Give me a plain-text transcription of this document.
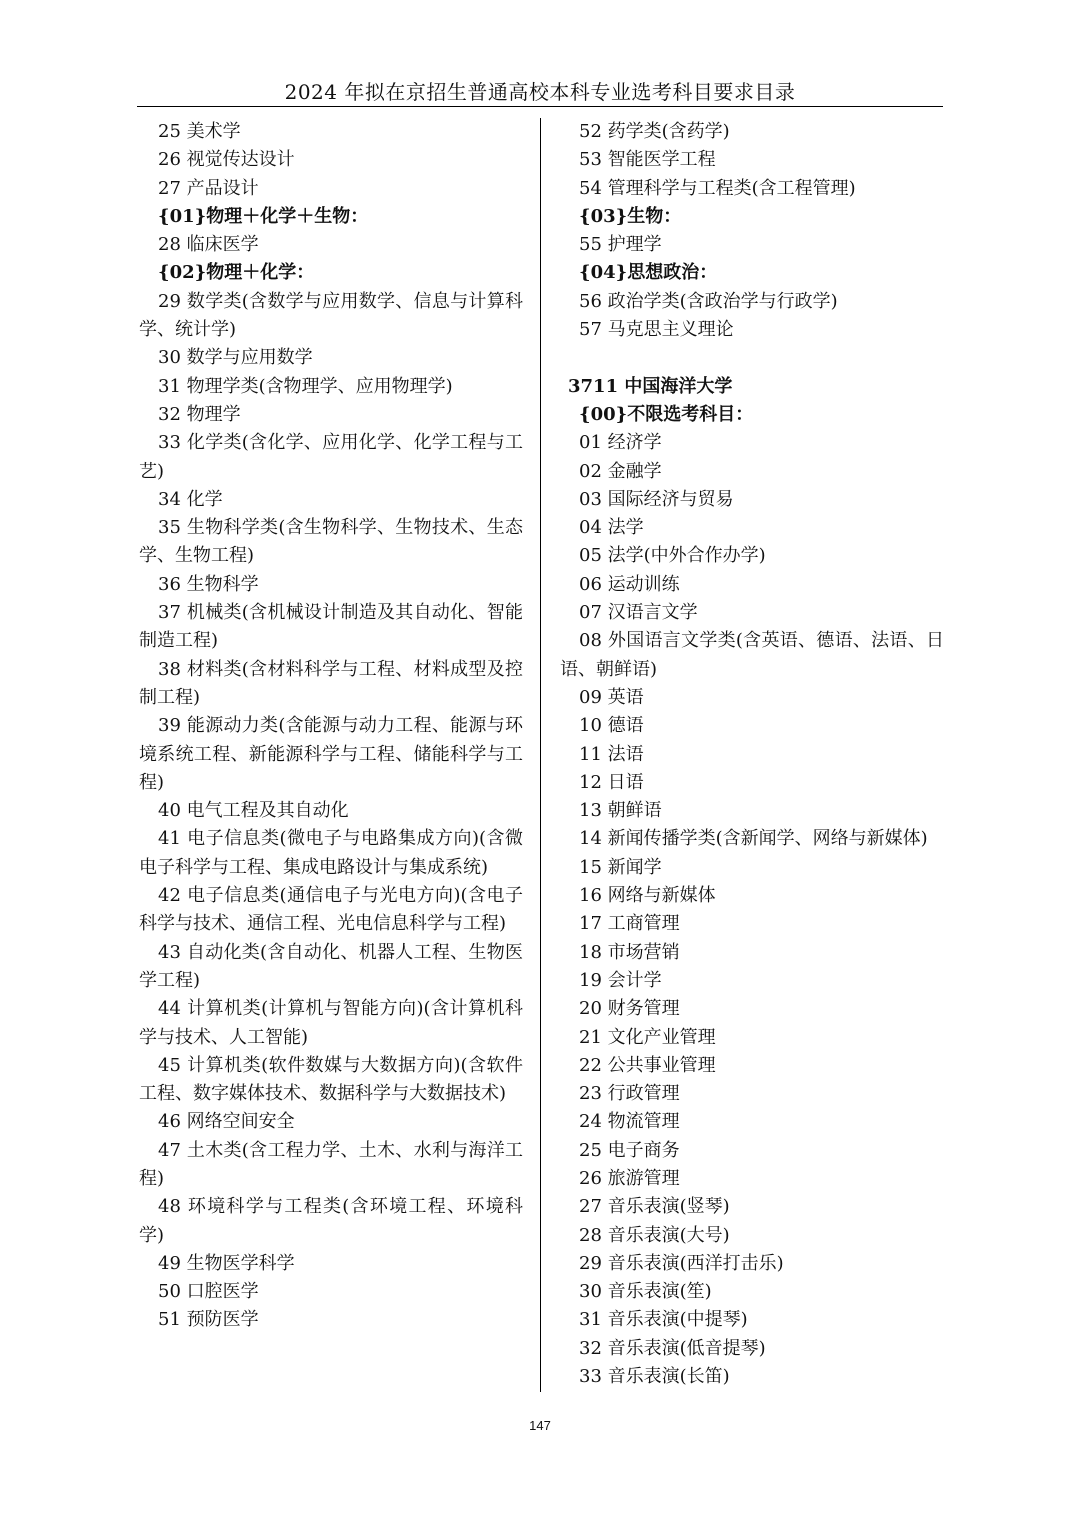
2024 年拟在京招生普通高校本科专业选考科目要求目录
25 美术学
26 视觉传达设计
27 产品设计
{01}物理＋化学＋生物：
28 临床医学
{02}物理＋化学：
29 数学类(含数学与应用数学、信息与计算科学、统计学)
30 数学与应用数学
31 物理学类(含物理学、应用物理学)
32 物理学
33 化学类(含化学、应用化学、化学工程与工艺)
34 化学
35 生物科学类(含生物科学、生物技术、生态学、生物工程)
36 生物科学
37 机械类(含机械设计制造及其自动化、智能制造工程)
38 材料类(含材料科学与工程、材料成型及控制工程)
39 能源动力类(含能源与动力工程、能源与环境系统工程、新能源科学与工程、储能科学与工程)
40 电气工程及其自动化
41 电子信息类(微电子与电路集成方向)(含微电子科学与工程、集成电路设计与集成系统)
42 电子信息类(通信电子与光电方向)(含电子科学与技术、通信工程、光电信息科学与工程)
43 自动化类(含自动化、机器人工程、生物医学工程)
44 计算机类(计算机与智能方向)(含计算机科学与技术、人工智能)
45 计算机类(软件数媒与大数据方向)(含软件工程、数字媒体技术、数据科学与大数据技术)
46 网络空间安全
47 土木类(含工程力学、土木、水利与海洋工程)
48 环境科学与工程类(含环境工程、环境科学)
49 生物医学科学
50 口腔医学
51 预防医学
52 药学类(含药学)
53 智能医学工程
54 管理科学与工程类(含工程管理)
{03}生物：
55 护理学
{04}思想政治：
56 政治学类(含政治学与行政学)
57 马克思主义理论
3711 中国海洋大学
{00}不限选考科目：
01 经济学
02 金融学
03 国际经济与贸易
04 法学
05 法学(中外合作办学)
06 运动训练
07 汉语言文学
08 外国语言文学类(含英语、德语、法语、日语、朝鲜语)
09 英语
10 德语
11 法语
12 日语
13 朝鲜语
14 新闻传播学类(含新闻学、网络与新媒体)
15 新闻学
16 网络与新媒体
17 工商管理
18 市场营销
19 会计学
20 财务管理
21 文化产业管理
22 公共事业管理
23 行政管理
24 物流管理
25 电子商务
26 旅游管理
27 音乐表演(竖琴)
28 音乐表演(大号)
29 音乐表演(西洋打击乐)
30 音乐表演(笙)
31 音乐表演(中提琴)
32 音乐表演(低音提琴)
33 音乐表演(长笛)
147
